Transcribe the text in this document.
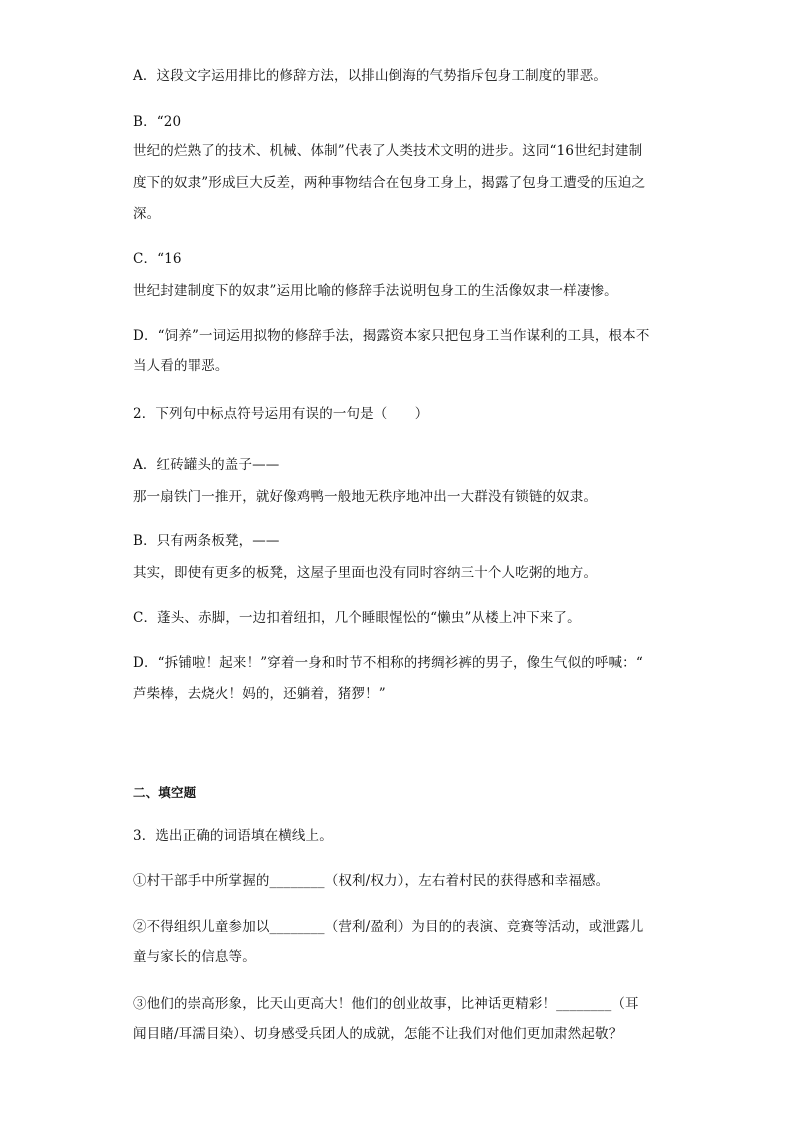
A．这段文字运用排比的修辞方法，以排山倒海的气势指斥包身工制度的罪恶。
B．“20
世纪的烂熟了的技术、机械、体制”代表了人类技术文明的进步。这同“16世纪封建制
度下的奴隶”形成巨大反差，两种事物结合在包身工身上，揭露了包身工遭受的压迫之
深。
C．“16
世纪封建制度下的奴隶”运用比喻的修辞手法说明包身工的生活像奴隶一样凄惨。
D．“饲养”一词运用拟物的修辞手法，揭露资本家只把包身工当作谋利的工具，根本不
当人看的罪恶。
2．下列句中标点符号运用有误的一句是（　　）
A．红砖罐头的盖子——
那一扇铁门一推开，就好像鸡鸭一般地无秩序地冲出一大群没有锁链的奴隶。
B．只有两条板凳，——
其实，即使有更多的板凳，这屋子里面也没有同时容纳三十个人吃粥的地方。
C．蓬头、赤脚，一边扣着纽扣，几个睡眼惺忪的“懒虫”从楼上冲下来了。
D．“拆铺啦！起来！”穿着一身和时节不相称的拷绸衫裤的男子，像生气似的呼喊：“
芦柴棒，去烧火！妈的，还躺着，猪猡！”
二、填空题
3．选出正确的词语填在横线上。
①村干部手中所掌握的________（权利/权力），左右着村民的获得感和幸福感。
②不得组织儿童参加以________（营利/盈利）为目的的表演、竞赛等活动，或泄露儿
童与家长的信息等。
③他们的崇高形象，比天山更高大！他们的创业故事，比神话更精彩！________（耳
闻目睹/耳濡目染）、切身感受兵团人的成就，怎能不让我们对他们更加肃然起敬？
